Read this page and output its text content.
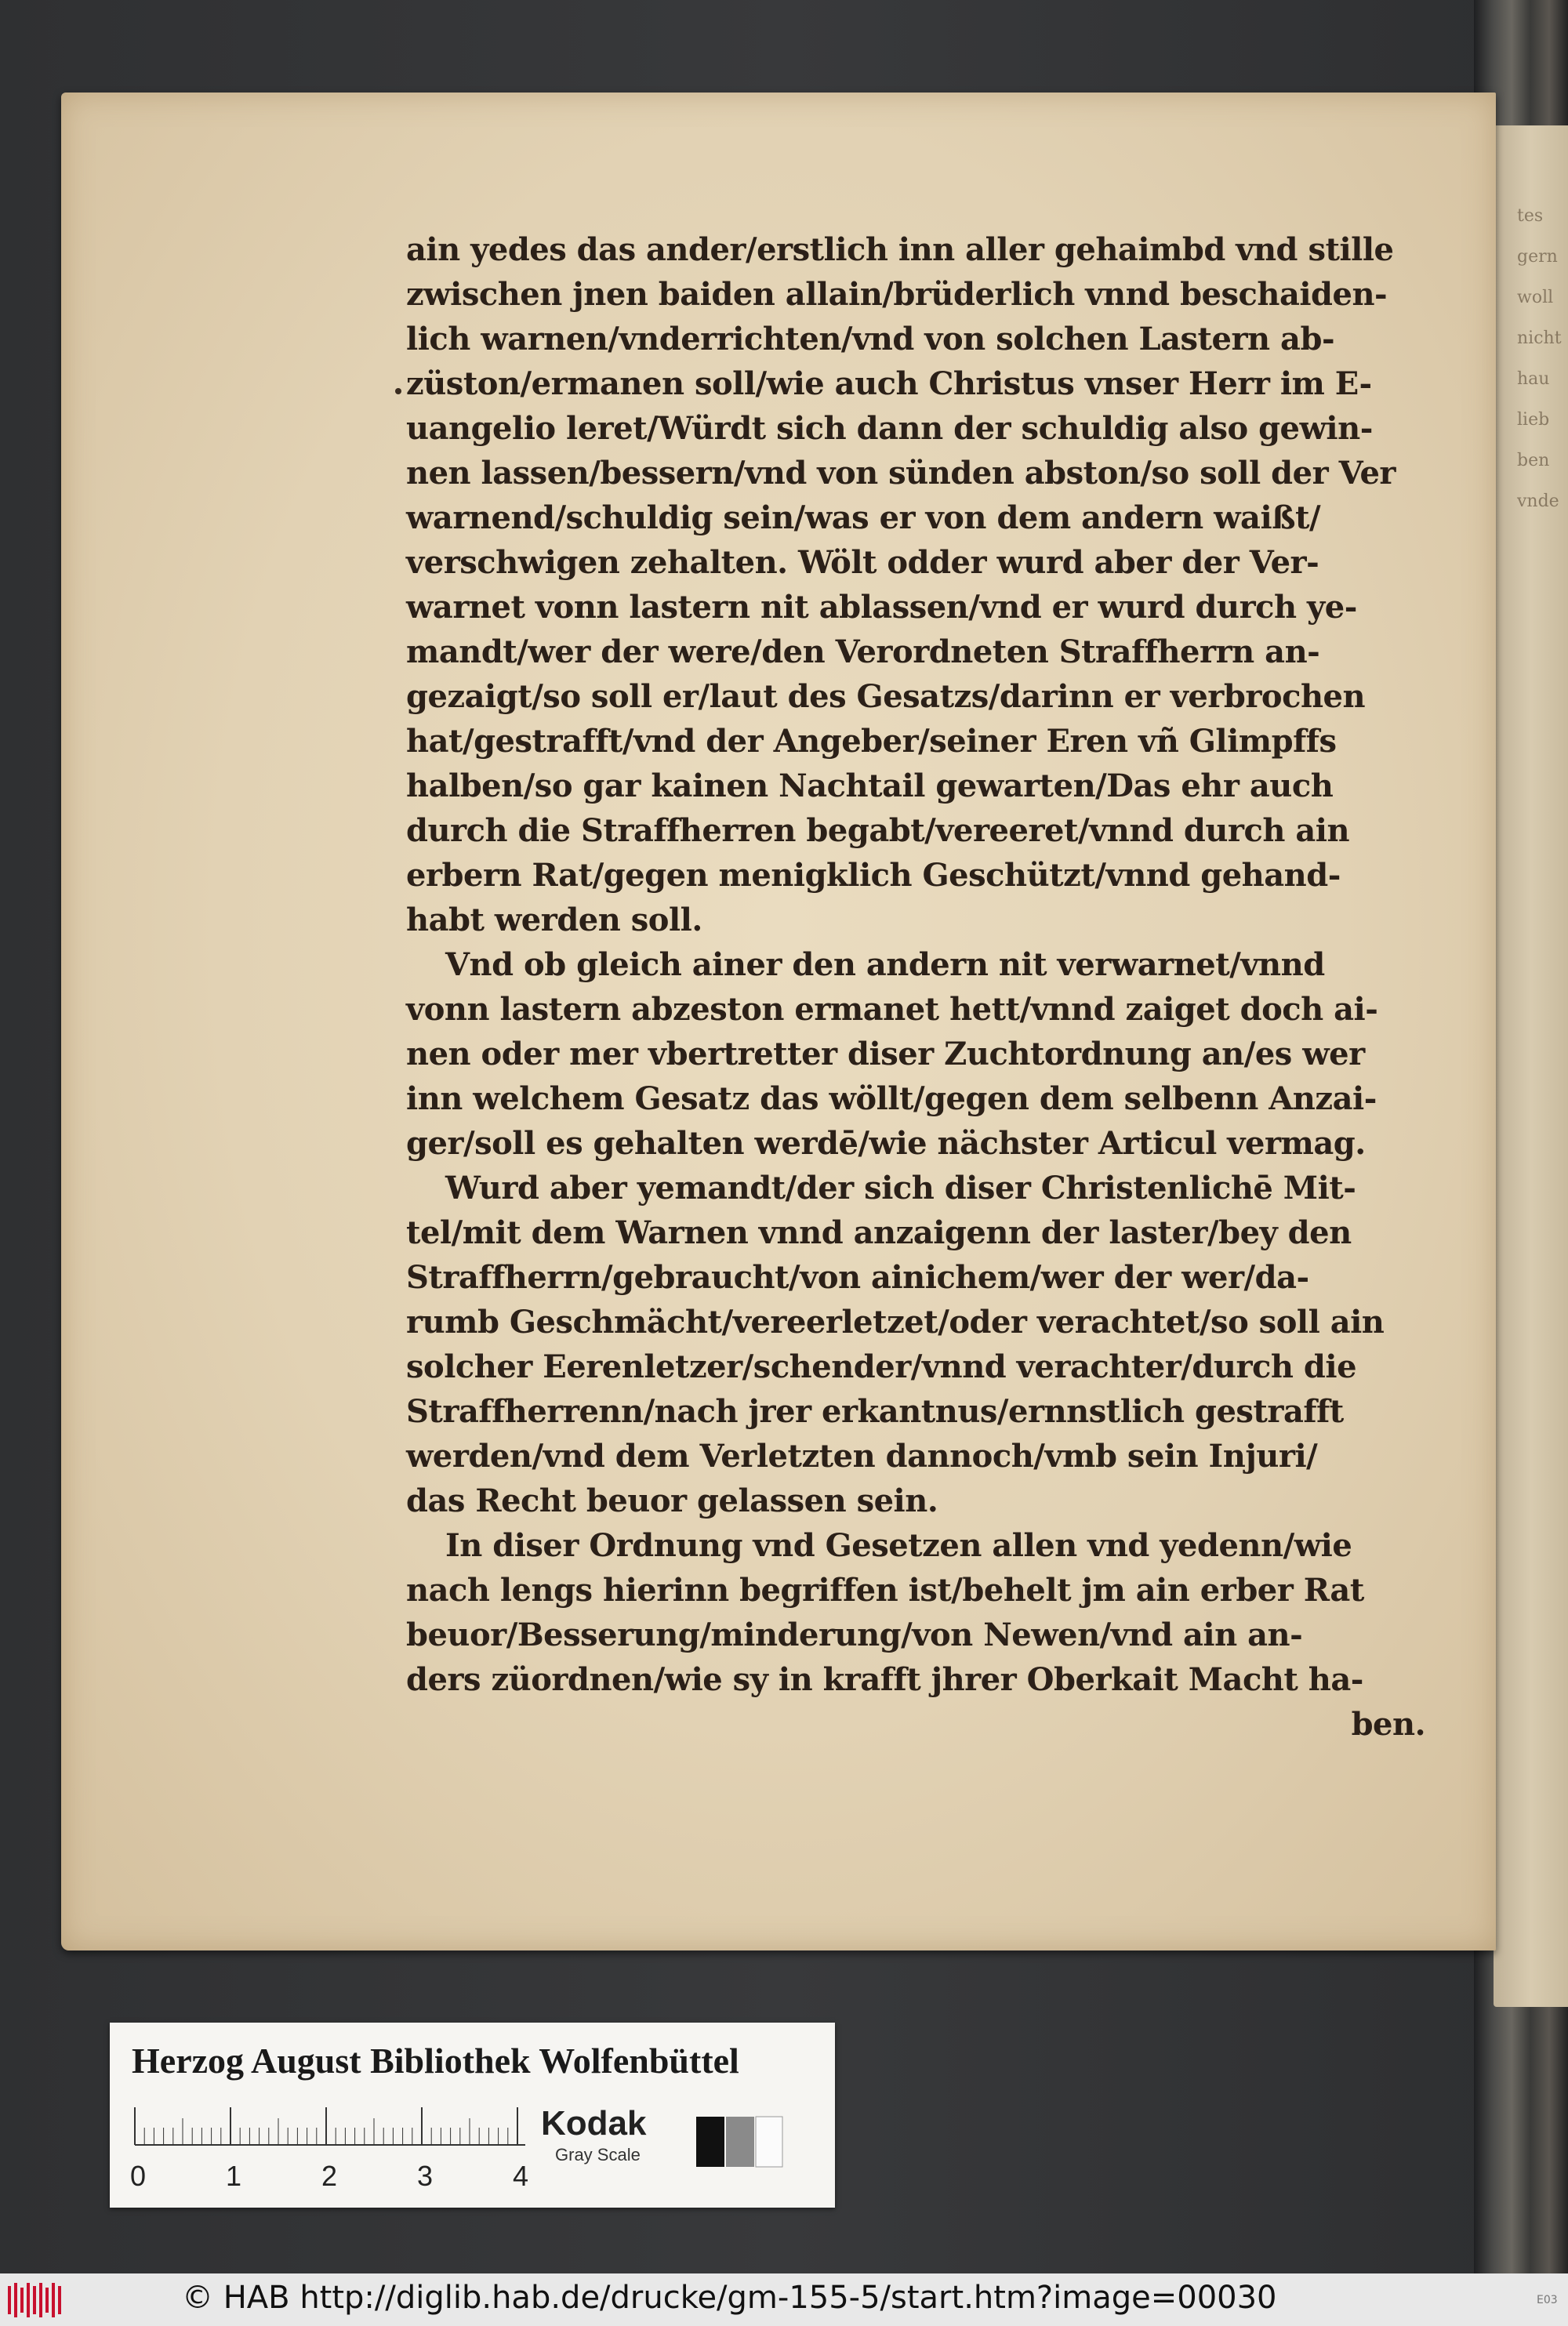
tes
gern
woll
nicht
hau
lieb
ben
vnde
ain yedes das ander/erstlich inn aller gehaimbd vnd stille
zwischen jnen baiden allain/brüderlich vnnd beschaiden-
lich warnen/vnderrichten/vnd von solchen Lastern ab-
züston/ermanen soll/wie auch Christus vnser Herr im E-
uangelio leret/Würdt sich dann der schuldig also gewin-
nen lassen/bessern/vnd von sünden abston/so soll der Ver
warnend/schuldig sein/was er von dem andern waißt/
verschwigen zehalten. Wölt odder wurd aber der Ver-
warnet vonn lastern nit ablassen/vnd er wurd durch ye-
mandt/wer der were/den Verordneten Straffherrn an-
gezaigt/so soll er/laut des Gesatzs/darinn er verbrochen
hat/gestrafft/vnd der Angeber/seiner Eren vñ Glimpffs
halben/so gar kainen Nachtail gewarten/Das ehr auch
durch die Straffherren begabt/vereeret/vnnd durch ain
erbern Rat/gegen menigklich Geschützt/vnnd gehand-
habt werden soll.
Vnd ob gleich ainer den andern nit verwarnet/vnnd
vonn lastern abzeston ermanet hett/vnnd zaiget doch ai-
nen oder mer vbertretter diser Zuchtordnung an/es wer
inn welchem Gesatz das wöllt/gegen dem selbenn Anzai-
ger/soll es gehalten werdē/wie nächster Articul vermag.
Wurd aber yemandt/der sich diser Christenlichē Mit-
tel/mit dem Warnen vnnd anzaigenn der laster/bey den
Straffherrn/gebraucht/von ainichem/wer der wer/da-
rumb Geschmächt/vereerletzet/oder verachtet/so soll ain
solcher Eerenletzer/schender/vnnd verachter/durch die
Straffherrenn/nach jrer erkantnus/ernnstlich gestrafft
werden/vnd dem Verletzten dannoch/vmb sein Injuri/
das Recht beuor gelassen sein.
In diser Ordnung vnd Gesetzen allen vnd yedenn/wie
nach lengs hierinn begriffen ist/behelt jm ain erber Rat
beuor/Besserung/minderung/von Newen/vnd ain an-
ders züordnen/wie sy in krafft jhrer Oberkait Macht ha-
ben.
Herzog August Bibliothek Wolfenbüttel
0	1	2	3	4
Kodak
Gray Scale
© HAB http://diglib.hab.de/drucke/gm-155-5/start.htm?image=00030	E03
